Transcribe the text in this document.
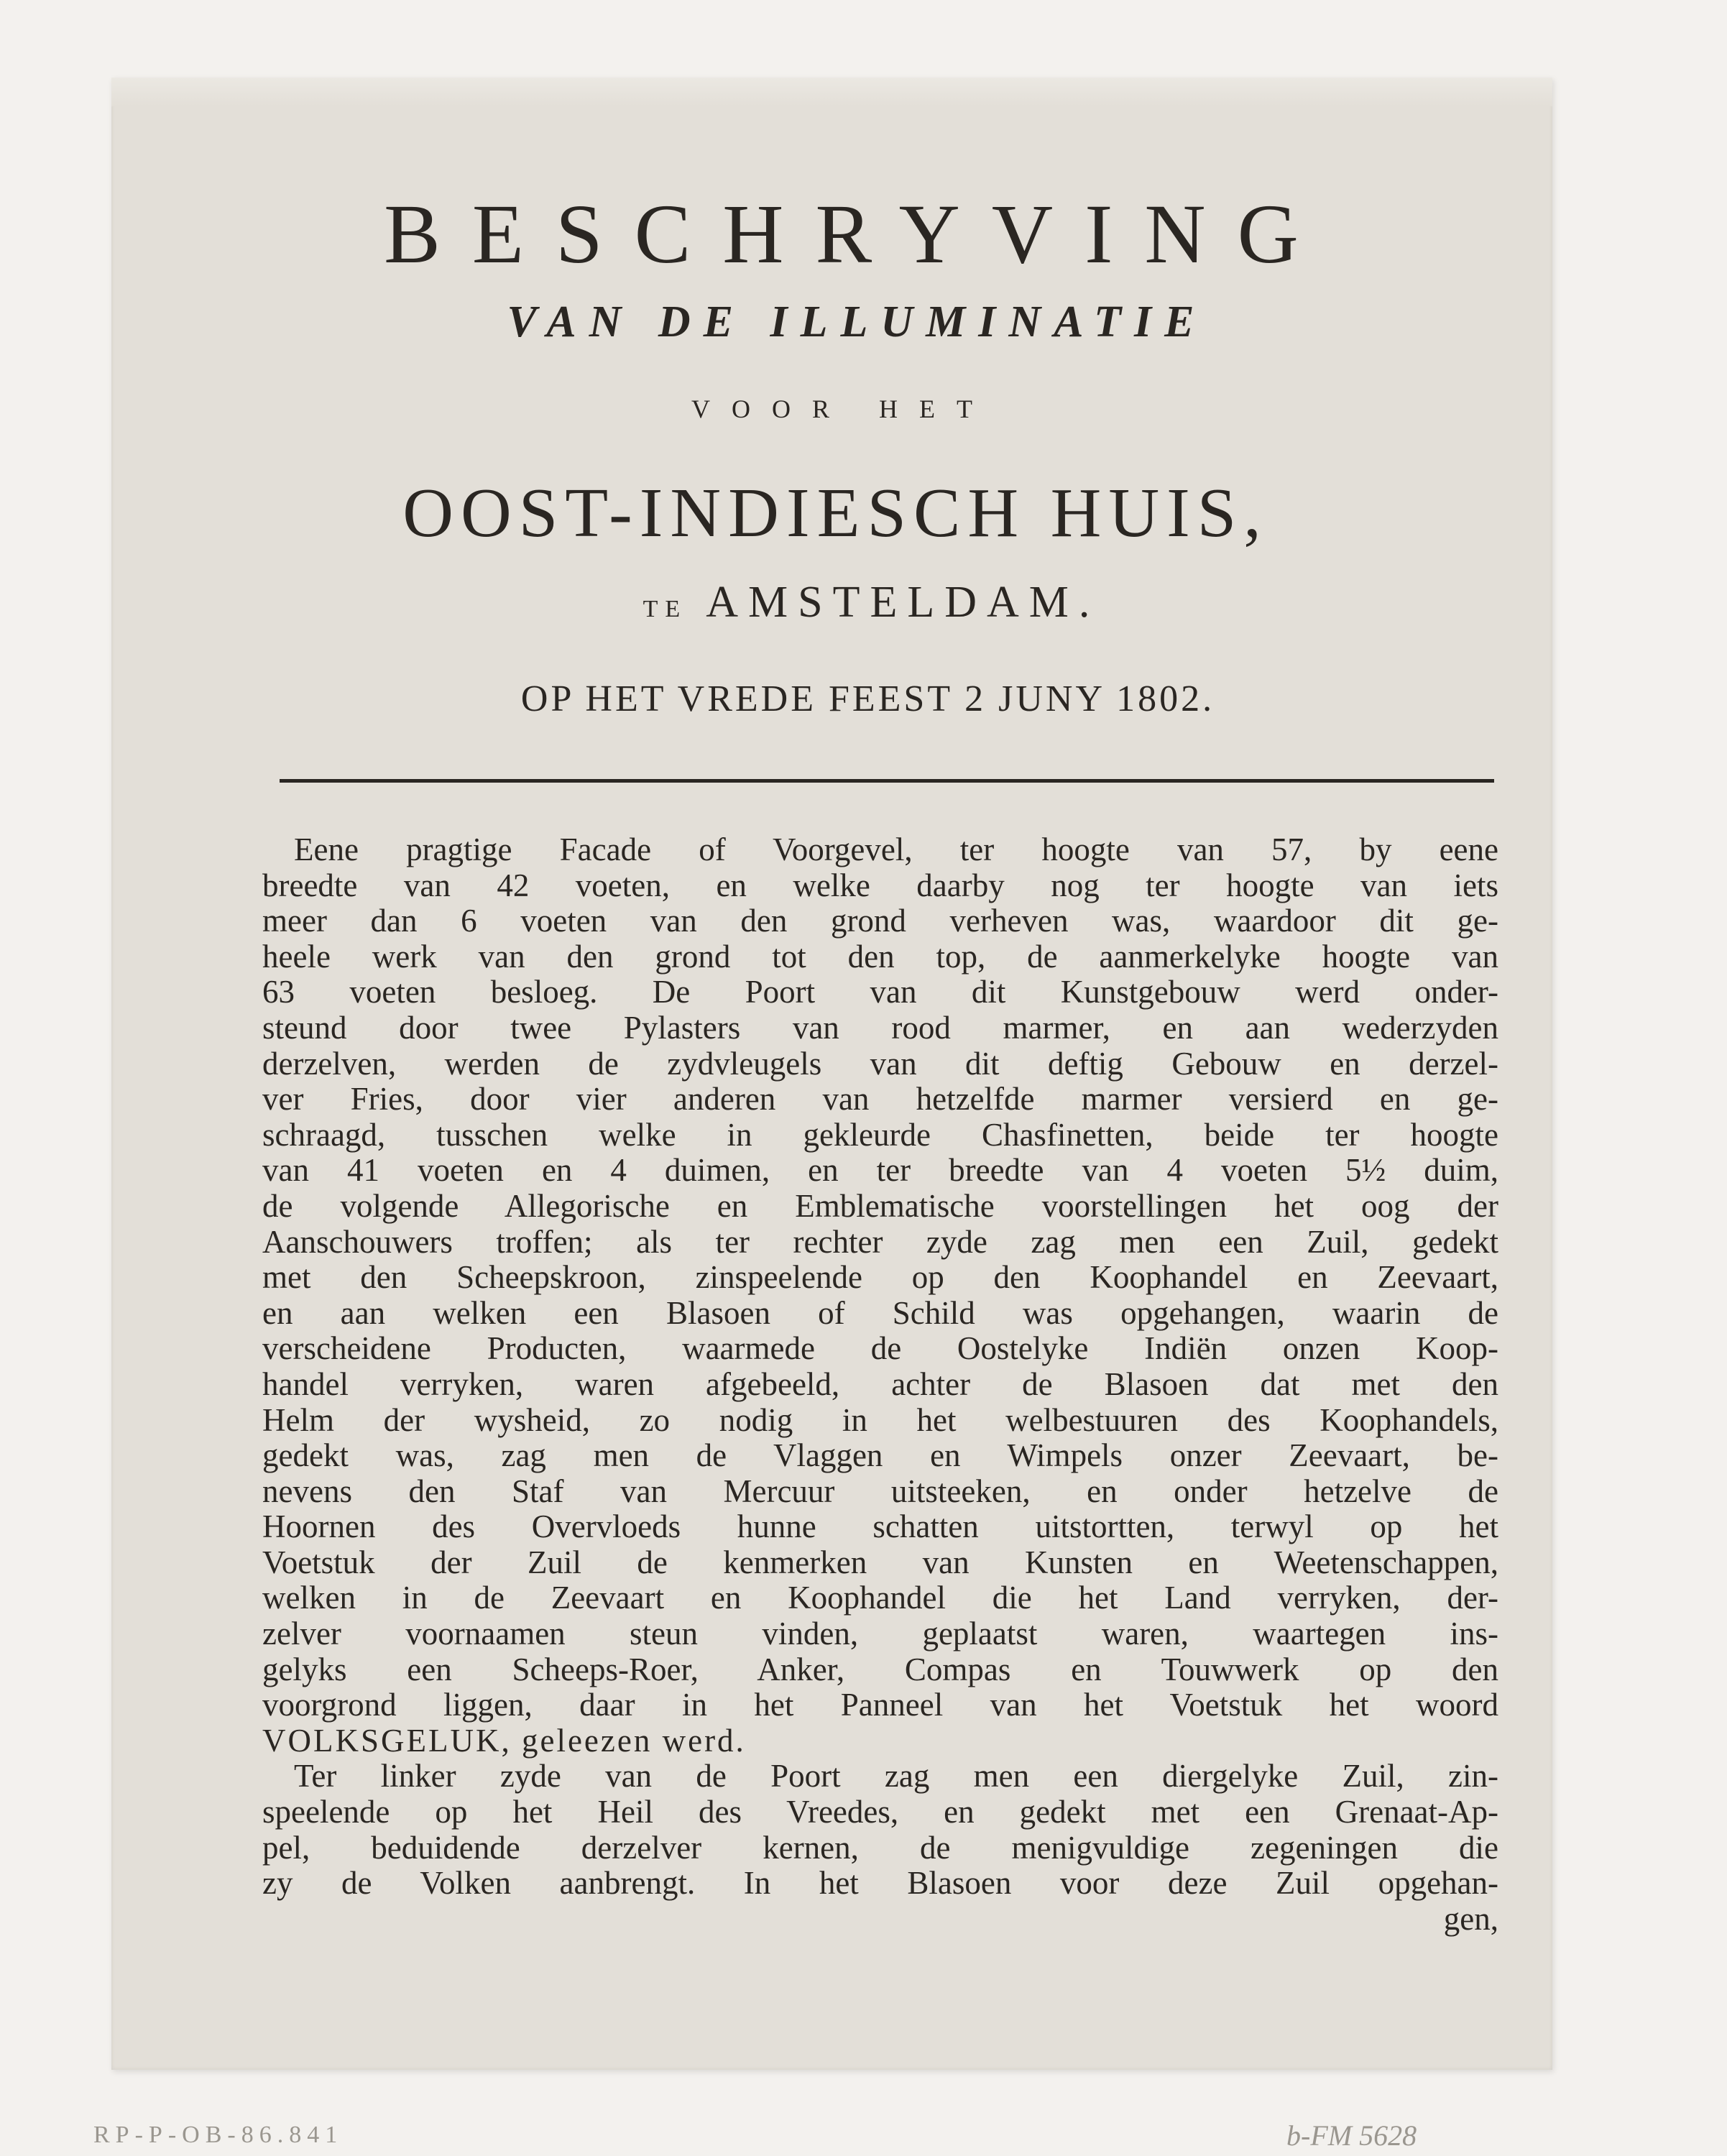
BESCHRYVING
VAN DE ILLUMINATIE
VOOR HET
OOST-INDIESCH HUIS,
TE AMSTELDAM.
OP HET VREDE FEEST 2 JUNY 1802.
Eene pragtige Facade of Voorgevel, ter hoogte van 57, by eene
breedte van 42 voeten, en welke daarby nog ter hoogte van iets
meer dan 6 voeten van den grond verheven was, waardoor dit ge-
heele werk van den grond tot den top, de aanmerkelyke hoogte van
63 voeten besloeg. De Poort van dit Kunstgebouw werd onder-
steund door twee Pylasters van rood marmer, en aan wederzyden
derzelven, werden de zydvleugels van dit deftig Gebouw en derzel-
ver Fries, door vier anderen van hetzelfde marmer versierd en ge-
schraagd, tusschen welke in gekleurde Chasfinetten, beide ter hoogte
van 41 voeten en 4 duimen, en ter breedte van 4 voeten 5½ duim,
de volgende Allegorische en Emblematische voorstellingen het oog der
Aanschouwers troffen; als ter rechter zyde zag men een Zuil, gedekt
met den Scheepskroon, zinspeelende op den Koophandel en Zeevaart,
en aan welken een Blasoen of Schild was opgehangen, waarin de
verscheidene Producten, waarmede de Oostelyke Indiën onzen Koop-
handel verryken, waren afgebeeld, achter de Blasoen dat met den
Helm der wysheid, zo nodig in het welbestuuren des Koophandels,
gedekt was, zag men de Vlaggen en Wimpels onzer Zeevaart, be-
nevens den Staf van Mercuur uitsteeken, en onder hetzelve de
Hoornen des Overvloeds hunne schatten uitstortten, terwyl op het
Voetstuk der Zuil de kenmerken van Kunsten en Weetenschappen,
welken in de Zeevaart en Koophandel die het Land verryken, der-
zelver voornaamen steun vinden, geplaatst waren, waartegen ins-
gelyks een Scheeps-Roer, Anker, Compas en Touwwerk op den
voorgrond liggen, daar in het Panneel van het Voetstuk het woord
VOLKSGELUK, geleezen werd.
Ter linker zyde van de Poort zag men een diergelyke Zuil, zin-
speelende op het Heil des Vreedes, en gedekt met een Grenaat-Ap-
pel, beduidende derzelver kernen, de menigvuldige zegeningen die
zy de Volken aanbrengt. In het Blasoen voor deze Zuil opgehan-
gen,
RP-P-OB-86.841	b-FM 5628
